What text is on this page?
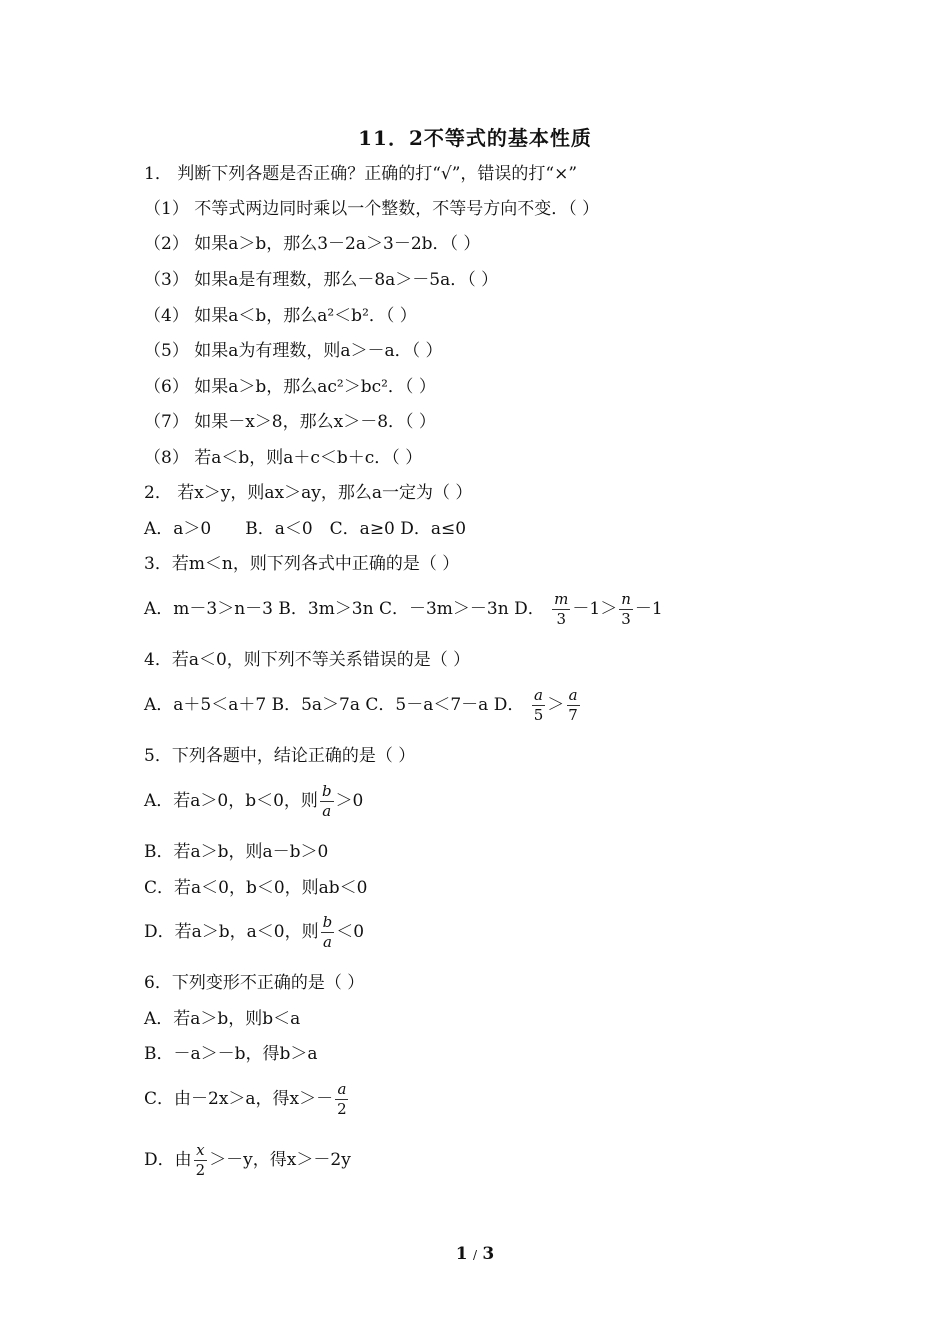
11．2不等式的基本性质
1． 判断下列各题是否正确？正确的打“√”，错误的打“×”
（1） 不等式两边同时乘以一个整数，不等号方向不变．（ ）
（2） 如果a＞b，那么3－2a＞3－2b．（ ）
（3） 如果a是有理数，那么－8a＞－5a．（ ）
（4） 如果a＜b，那么a²＜b²．（ ）
（5） 如果a为有理数，则a＞－a．（ ）
（6） 如果a＞b，那么ac²＞bc²．（ ）
（7） 如果－x＞8，那么x＞－8．（ ）
（8） 若a＜b，则a＋c＜b＋c．（ ）
2． 若x＞y，则ax＞ay，那么a一定为（ ）
A．a＞0　　B．a＜0　C．a≥0 D．a≤0
3．若m＜n，则下列各式中正确的是（ ）
A．m－3＞n－3 B．3m＞3n C．－3m＞－3n D． $\frac{m}{3} -1> \frac{n}{3} -1$
4．若a＜0，则下列不等关系错误的是（ ）
A．a＋5＜a＋7 B．5a＞7a C．5－a＜7－a D． $\frac{a}{5} > \frac{a}{7}$
5．下列各题中，结论正确的是（ ）
A．若a＞0，b＜0，则 $\frac{b}{a} >0$
B．若a＞b，则a－b＞0
C．若a＜0，b＜0，则ab＜0
D．若a＞b，a＜0，则 $\frac{b}{a} <0$
6．下列变形不正确的是（ ）
A．若a＞b，则b＜a
B．－a＞－b，得b＞a
C．由－2x＞a，得$x>- \frac{a}{2}$
D．由 $\frac{x}{2} >-y$，得x＞－2y
1 / 3
